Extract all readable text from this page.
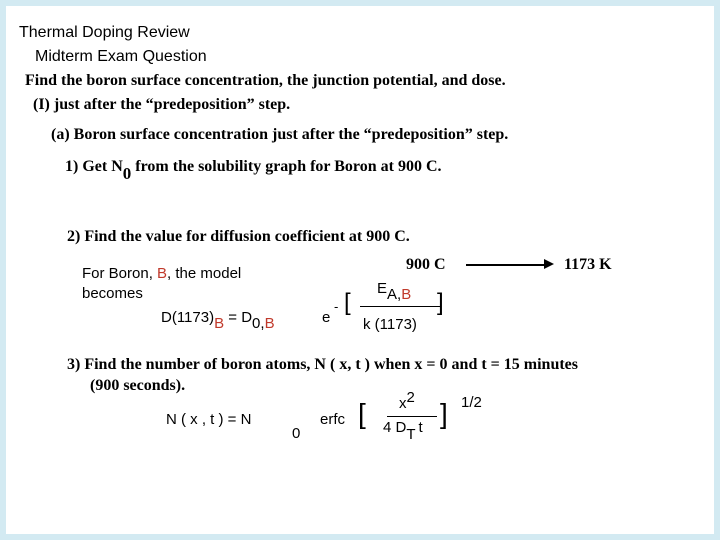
Thermal Doping Review
Midterm Exam Question
Find the boron surface concentration, the junction potential, and dose.
(I) just after the “predeposition” step.
(a) Boron surface concentration just after the “predeposition” step.
1) Get N0 from the solubility graph for Boron at 900 C.
2) Find the value for diffusion coefficient at 900 C.
900 C	1173 K
For Boron, B, the model
becomes
D(1173)B = D0,B	e
- [
EA,B
k (1173)
]
3) Find the number of boron atoms, N ( x, t ) when x = 0 and t = 15 minutes
(900 seconds).
N ( x , t ) = N
0
erfc [ x2
4 DT t ] 1/2
